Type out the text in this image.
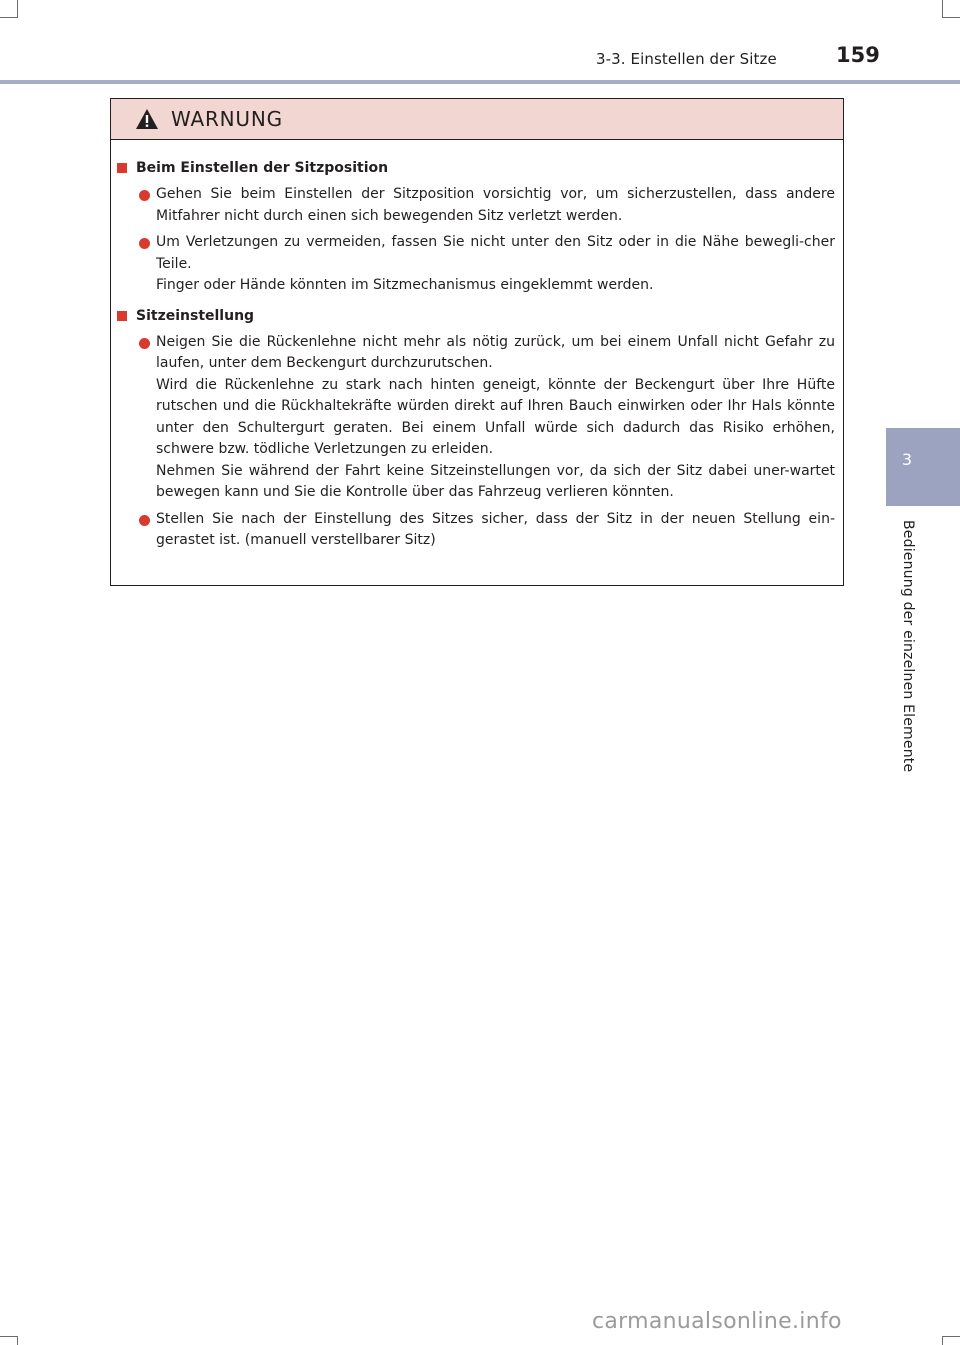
3-3. Einstellen der Sitze	159
3
Bedienung der einzelnen Elemente
WARNUNG
Beim Einstellen der Sitzposition
Gehen Sie beim Einstellen der Sitzposition vorsichtig vor, um sicherzustellen, dass andere Mitfahrer nicht durch einen sich bewegenden Sitz verletzt werden.
Um Verletzungen zu vermeiden, fassen Sie nicht unter den Sitz oder in die Nähe bewegli-cher Teile.
Finger oder Hände könnten im Sitzmechanismus eingeklemmt werden.
Sitzeinstellung
Neigen Sie die Rückenlehne nicht mehr als nötig zurück, um bei einem Unfall nicht Gefahr zu laufen, unter dem Beckengurt durchzurutschen.
Wird die Rückenlehne zu stark nach hinten geneigt, könnte der Beckengurt über Ihre Hüfte rutschen und die Rückhaltekräfte würden direkt auf Ihren Bauch einwirken oder Ihr Hals könnte unter den Schultergurt geraten. Bei einem Unfall würde sich dadurch das Risiko erhöhen, schwere bzw. tödliche Verletzungen zu erleiden.
Nehmen Sie während der Fahrt keine Sitzeinstellungen vor, da sich der Sitz dabei uner-wartet bewegen kann und Sie die Kontrolle über das Fahrzeug verlieren könnten.
Stellen Sie nach der Einstellung des Sitzes sicher, dass der Sitz in der neuen Stellung ein-gerastet ist. (manuell verstellbarer Sitz)
carmanualsonline.info
